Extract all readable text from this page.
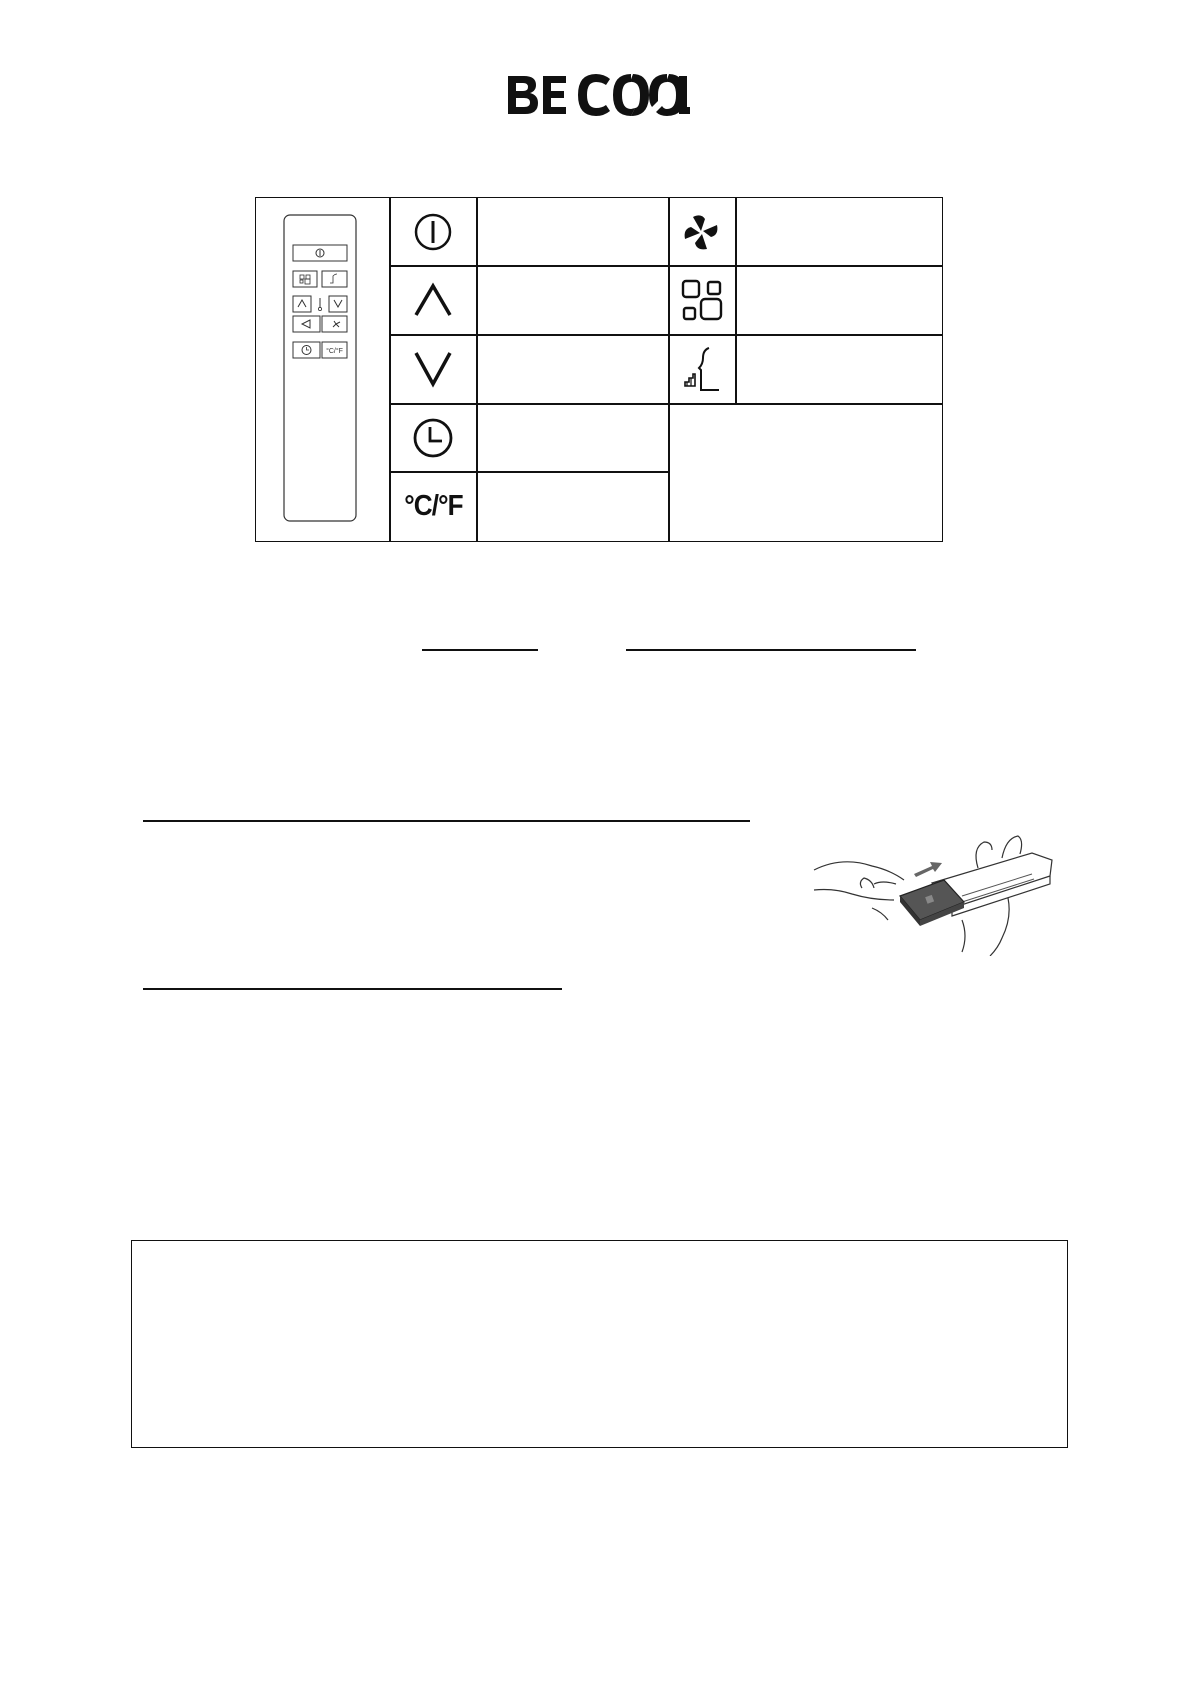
°C/°F
°C/°F
